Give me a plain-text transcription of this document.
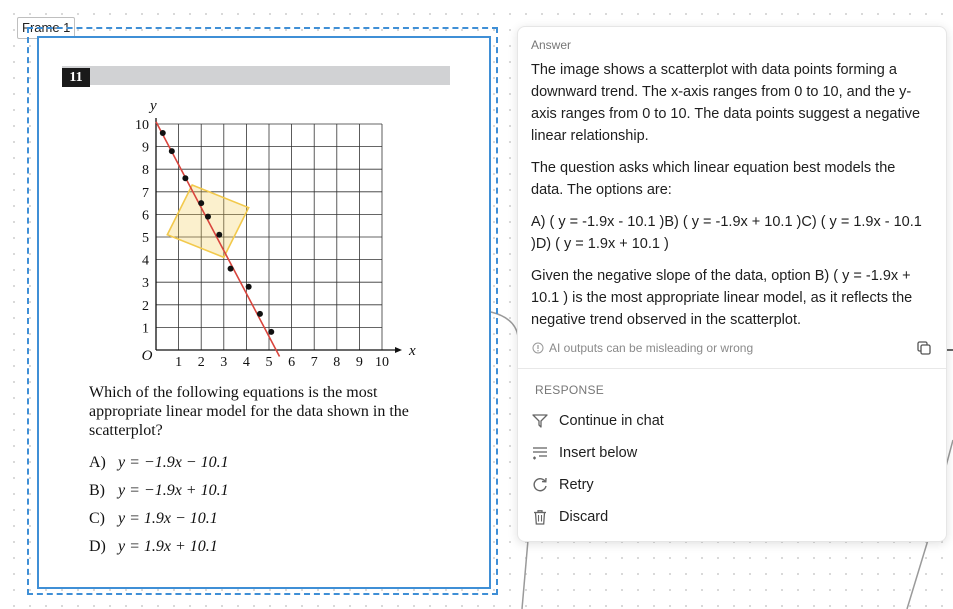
Frame 1
11
1 2 3 4 5 6 7 8 9 10
1
2
3
4
5
6
7
8
9
10
O	x
y
Which of the following equations is the most appropriate linear model for the data shown in the scatterplot?
A) y = −1.9x − 10.1
B) y = −1.9x + 10.1
C) y = 1.9x − 10.1
D) y = 1.9x + 10.1
Answer

The image shows a scatterplot with data points forming a downward trend. The x-axis ranges from 0 to 10, and the y-axis ranges from 0 to 10. The data points suggest a negative linear relationship.

The question asks which linear equation best models the data. The options are:

A) ( y = -1.9x - 10.1 )B) ( y = -1.9x + 10.1 )C) ( y = 1.9x - 10.1 )D) ( y = 1.9x + 10.1 )

Given the negative slope of the data, option B) ( y = -1.9x + 10.1 ) is the most appropriate linear model, as it reflects the negative trend observed in the scatterplot.

AI outputs can be misleading or wrong
RESPONSE
Continue in chat
Insert below
Retry
Discard
